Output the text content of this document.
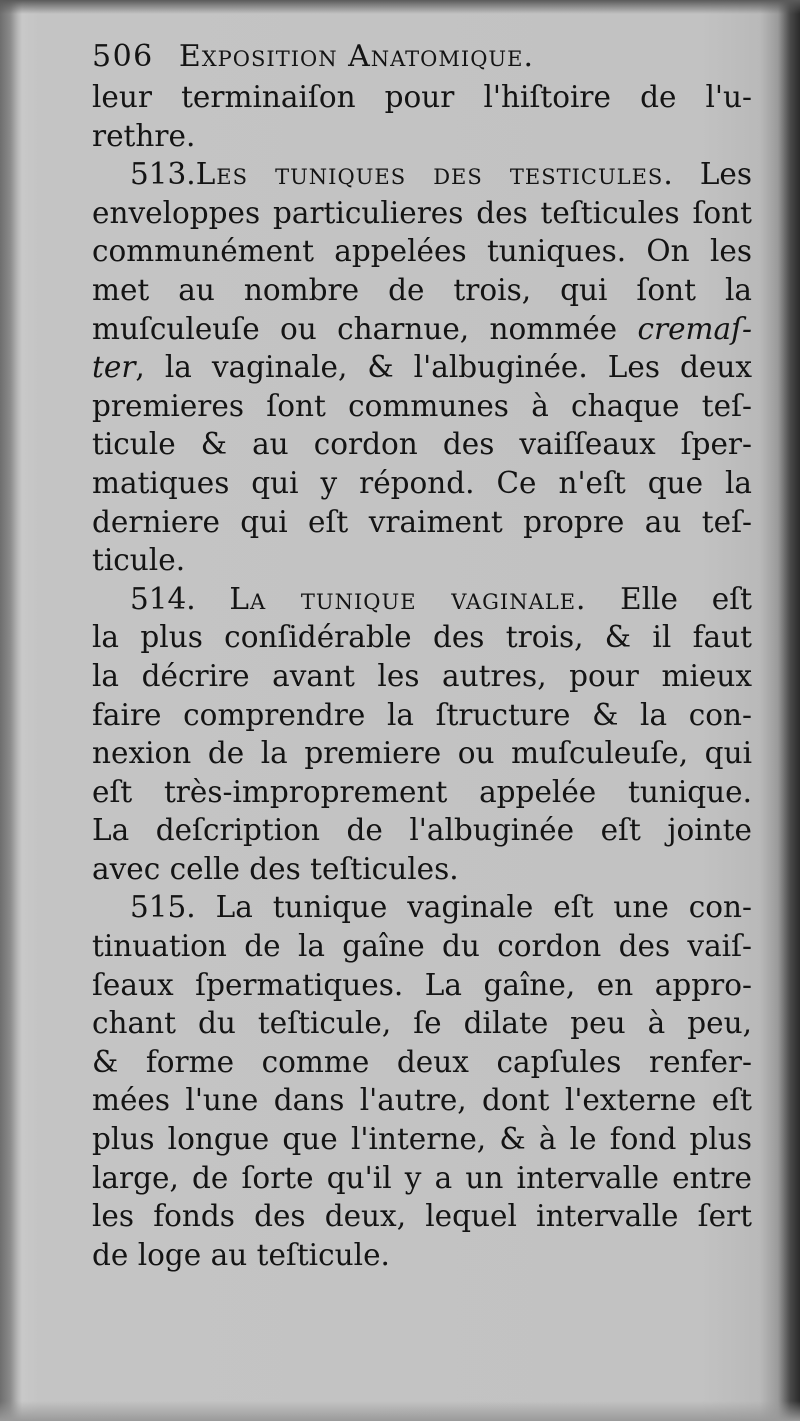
506 Exposition Anatomique.
leur terminaiſon pour l'hiſtoire de l'u-
rethre.
513.Les tuniques des testicules. Les
enveloppes particulieres des teſticules ſont
communément appelées tuniques. On les
met au nombre de trois, qui ſont la
muſculeuſe ou charnue, nommée cremaſ-
ter, la vaginale, & l'albuginée. Les deux
premieres ſont communes à chaque teſ-
ticule & au cordon des vaiſſeaux ſper-
matiques qui y répond. Ce n'eſt que la
derniere qui eſt vraiment propre au teſ-
ticule.
514. La tunique vaginale. Elle eſt
la plus conſidérable des trois, & il faut
la décrire avant les autres, pour mieux
faire comprendre la ſtructure & la con-
nexion de la premiere ou muſculeuſe, qui
eſt très-improprement appelée tunique.
La deſcription de l'albuginée eſt jointe
avec celle des teſticules.
515. La tunique vaginale eſt une con-
tinuation de la gaîne du cordon des vaiſ-
ſeaux ſpermatiques. La gaîne, en appro-
chant du teſticule, ſe dilate peu à peu,
& forme comme deux capſules renfer-
mées l'une dans l'autre, dont l'externe eſt
plus longue que l'interne, & à le fond plus
large, de ſorte qu'il y a un intervalle entre
les fonds des deux, lequel intervalle ſert
de loge au teſticule.
